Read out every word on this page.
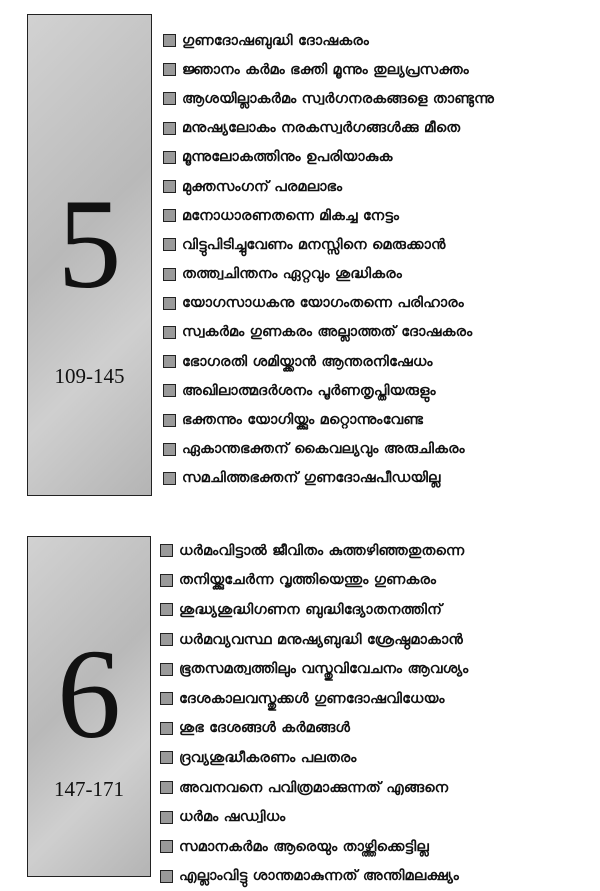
5
109-145
ഗുണദോഷബുദ്ധി ദോഷകരം
ജ്ഞാനം കർമം ഭക്തി മൂന്നും തുല്യപ്രസക്തം
ആശയില്ലാകർമം സ്വർഗനരകങ്ങളെ താണ്ടുന്നു
മനുഷ്യലോകം നരകസ്വർഗങ്ങൾക്കു മീതെ
മൂന്നുലോകത്തിനും ഉപരിയാകുക
മുക്തസംഗന് പരമലാഭം
മനോധാരണതന്നെ മികച്ച നേട്ടം
വിട്ടുപിടിച്ചുവേണം മനസ്സിനെ മെരുക്കാൻ
തത്ത്വചിന്തനം ഏറ്റവും ശുദ്ധികരം
യോഗസാധകനു യോഗംതന്നെ പരിഹാരം
സ്വകർമം ഗുണകരം അല്ലാത്തത് ദോഷകരം
ഭോഗരതി ശമിയ്ക്കാൻ ആന്തരനിഷേധം
അഖിലാത്മദർശനം പൂർണതൃപ്തിയരുളും
ഭക്തന്നും യോഗിയ്ക്കും മറ്റൊന്നുംവേണ്ട
ഏകാന്തഭക്തന് കൈവല്യവും അരുചികരം
സമചിത്തഭക്തന് ഗുണദോഷപീഡയില്ല
6
147-171
ധർമംവിട്ടാൽ ജീവിതം കുത്തഴിഞ്ഞതുതന്നെ
തനിയ്ക്കുചേർന്ന വൃത്തിയെന്തും ഗുണകരം
ശുദ്ധ്യശുദ്ധിഗണന ബുദ്ധിദ്യോതനത്തിന്
ധർമവ്യവസ്ഥ മനുഷ്യബുദ്ധി ശ്രേഷ്ഠമാകാൻ
ഭൂതസമത്വത്തിലും വസ്തുവിവേചനം ആവശ്യം
ദേശകാലവസ്തുക്കൾ ഗുണദോഷവിധേയം
ശുഭ ദേശങ്ങൾ കർമങ്ങൾ
ദ്രവ്യശുദ്ധീകരണം പലതരം
അവനവനെ പവിത്രമാക്കുന്നത് എങ്ങനെ
ധർമം ഷഡ്വിധം
സമാനകർമം ആരെയും താഴ്ത്തിക്കെട്ടില്ല
എല്ലാംവിട്ടു ശാന്തമാകുന്നത് അന്തിമലക്ഷ്യം
